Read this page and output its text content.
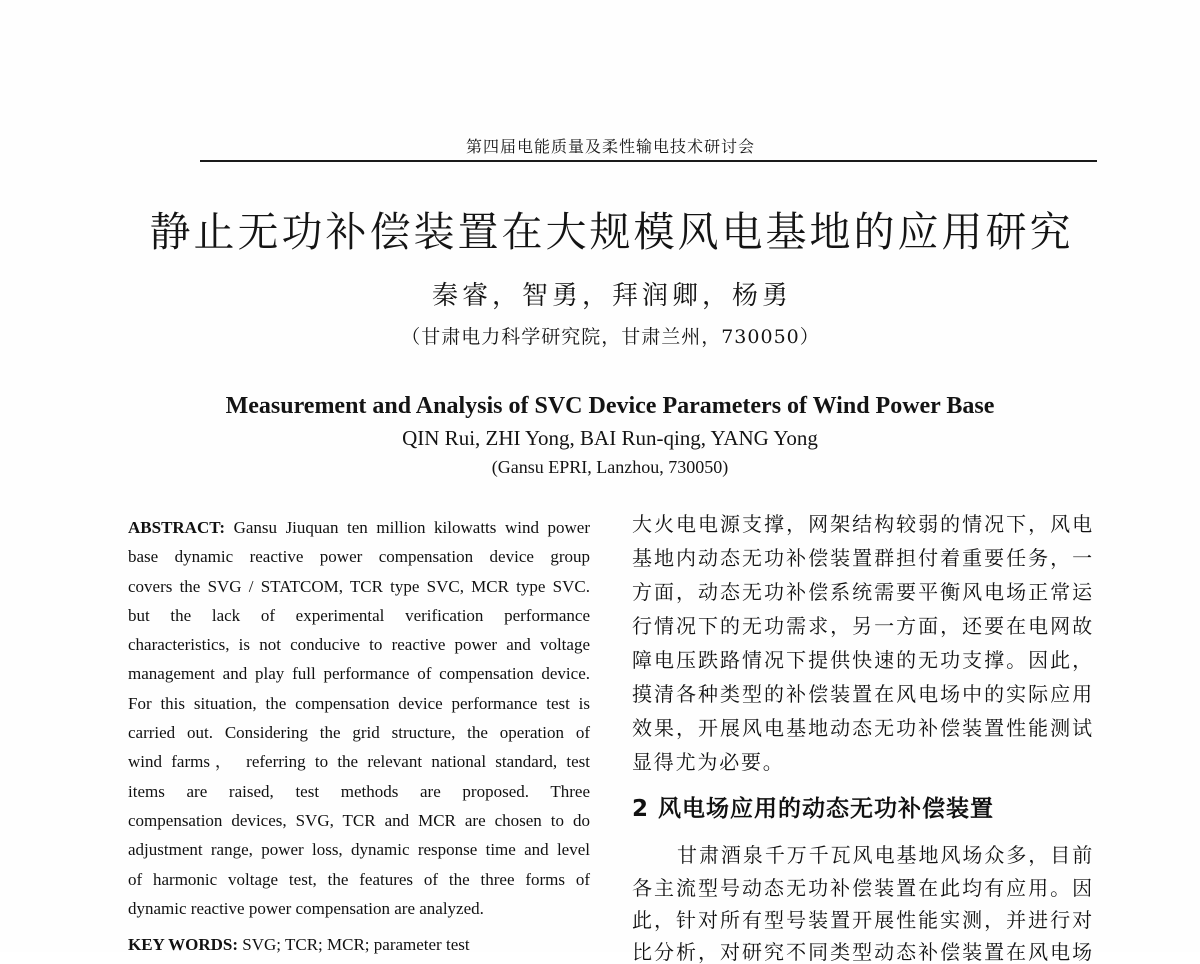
第四届电能质量及柔性输电技术研讨会
静止无功补偿装置在大规模风电基地的应用研究
秦睿，智勇，拜润卿，杨勇
（甘肃电力科学研究院，甘肃兰州，730050）
Measurement and Analysis of SVC Device Parameters of Wind Power Base
QIN Rui, ZHI Yong, BAI Run-qing, YANG Yong
(Gansu EPRI, Lanzhou, 730050)
ABSTRACT: Gansu Jiuquan ten million kilowatts wind power
base dynamic reactive power compensation device group
covers the SVG / STATCOM, TCR type SVC, MCR type SVC.
but the lack of experimental verification performance
characteristics, is not conducive to reactive power and voltage
management and play full performance of compensation device.
For this situation, the compensation device performance test is
carried out. Considering the grid structure, the operation of
wind farms， referring to the relevant national standard, test
items are raised, test methods are proposed. Three
compensation devices, SVG, TCR and MCR are chosen to do
adjustment range, power loss, dynamic response time and level
of harmonic voltage test, the features of the three forms of
dynamic reactive power compensation are analyzed.
KEY WORDS: SVG; TCR; MCR; parameter test
大火电电源支撑，网架结构较弱的情况下，风电
基地内动态无功补偿装置群担付着重要任务，一
方面，动态无功补偿系统需要平衡风电场正常运
行情况下的无功需求，另一方面，还要在电网故
障电压跌路情况下提供快速的无功支撑。因此，
摸清各种类型的补偿装置在风电场中的实际应用
效果，开展风电基地动态无功补偿装置性能测试
显得尤为必要。
2 风电场应用的动态无功补偿装置
甘肃酒泉千万千瓦风电基地风场众多，目前
各主流型号动态无功补偿装置在此均有应用。因
此，针对所有型号装置开展性能实测，并进行对
比分析，对研究不同类型动态补偿装置在风电场
